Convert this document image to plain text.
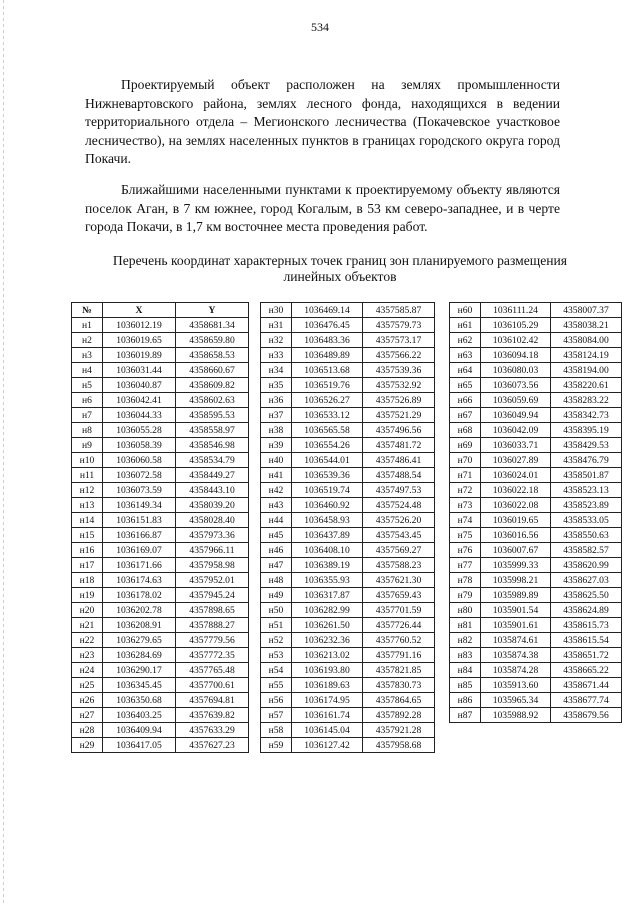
534

Проектируемый объект расположен на землях промышленности Нижневартовского района, землях лесного фонда, находящихся в ведении территориального отдела – Мегионского лесничества (Покачевское участковое лесничество), на землях населенных пунктов в границах городского округа город Покачи.

Ближайшими населенными пунктами к проектируемому объекту являются поселок Аган, в 7 км южнее, город Когалым, в 53 км северо-западнее, и в черте города Покачи, в 1,7 км восточнее места проведения работ.

Перечень координат характерных точек границ зон планируемого размещения линейных объектов

№	X	Y
н1	1036012.19	4358681.34
н2	1036019.65	4358659.80
н3	1036019.89	4358658.53
н4	1036031.44	4358660.67
н5	1036040.87	4358609.82
н6	1036042.41	4358602.63
н7	1036044.33	4358595.53
н8	1036055.28	4358558.97
н9	1036058.39	4358546.98
н10	1036060.58	4358534.79
н11	1036072.58	4358449.27
н12	1036073.59	4358443.10
н13	1036149.34	4358039.20
н14	1036151.83	4358028.40
н15	1036166.87	4357973.36
н16	1036169.07	4357966.11
н17	1036171.66	4357958.98
н18	1036174.63	4357952.01
н19	1036178.02	4357945.24
н20	1036202.78	4357898.65
н21	1036208.91	4357888.27
н22	1036279.65	4357779.56
н23	1036284.69	4357772.35
н24	1036290.17	4357765.48
н25	1036345.45	4357700.61
н26	1036350.68	4357694.81
н27	1036403.25	4357639.82
н28	1036409.94	4357633.29
н29	1036417.05	4357627.23
н30	1036469.14	4357585.87
н31	1036476.45	4357579.73
н32	1036483.36	4357573.17
н33	1036489.89	4357566.22
н34	1036513.68	4357539.36
н35	1036519.76	4357532.92
н36	1036526.27	4357526.89
н37	1036533.12	4357521.29
н38	1036565.58	4357496.56
н39	1036554.26	4357481.72
н40	1036544.01	4357486.41
н41	1036539.36	4357488.54
н42	1036519.74	4357497.53
н43	1036460.92	4357524.48
н44	1036458.93	4357526.20
н45	1036437.89	4357543.45
н46	1036408.10	4357569.27
н47	1036389.19	4357588.23
н48	1036355.93	4357621.30
н49	1036317.87	4357659.43
н50	1036282.99	4357701.59
н51	1036261.50	4357726.44
н52	1036232.36	4357760.52
н53	1036213.02	4357791.16
н54	1036193.80	4357821.85
н55	1036189.63	4357830.73
н56	1036174.95	4357864.65
н57	1036161.74	4357892.28
н58	1036145.04	4357921.28
н59	1036127.42	4357958.68
н60	1036111.24	4358007.37
н61	1036105.29	4358038.21
н62	1036102.42	4358084.00
н63	1036094.18	4358124.19
н64	1036080.03	4358194.00
н65	1036073.56	4358220.61
н66	1036059.69	4358283.22
н67	1036049.94	4358342.73
н68	1036042.09	4358395.19
н69	1036033.71	4358429.53
н70	1036027.89	4358476.79
н71	1036024.01	4358501.87
н72	1036022.18	4358523.13
н73	1036022.08	4358523.89
н74	1036019.65	4358533.05
н75	1036016.56	4358550.63
н76	1036007.67	4358582.57
н77	1035999.33	4358620.99
н78	1035998.21	4358627.03
н79	1035989.89	4358625.50
н80	1035901.54	4358624.89
н81	1035901.61	4358615.73
н82	1035874.61	4358615.54
н83	1035874.38	4358651.72
н84	1035874.28	4358665.22
н85	1035913.60	4358671.44
н86	1035965.34	4358677.74
н87	1035988.92	4358679.56
